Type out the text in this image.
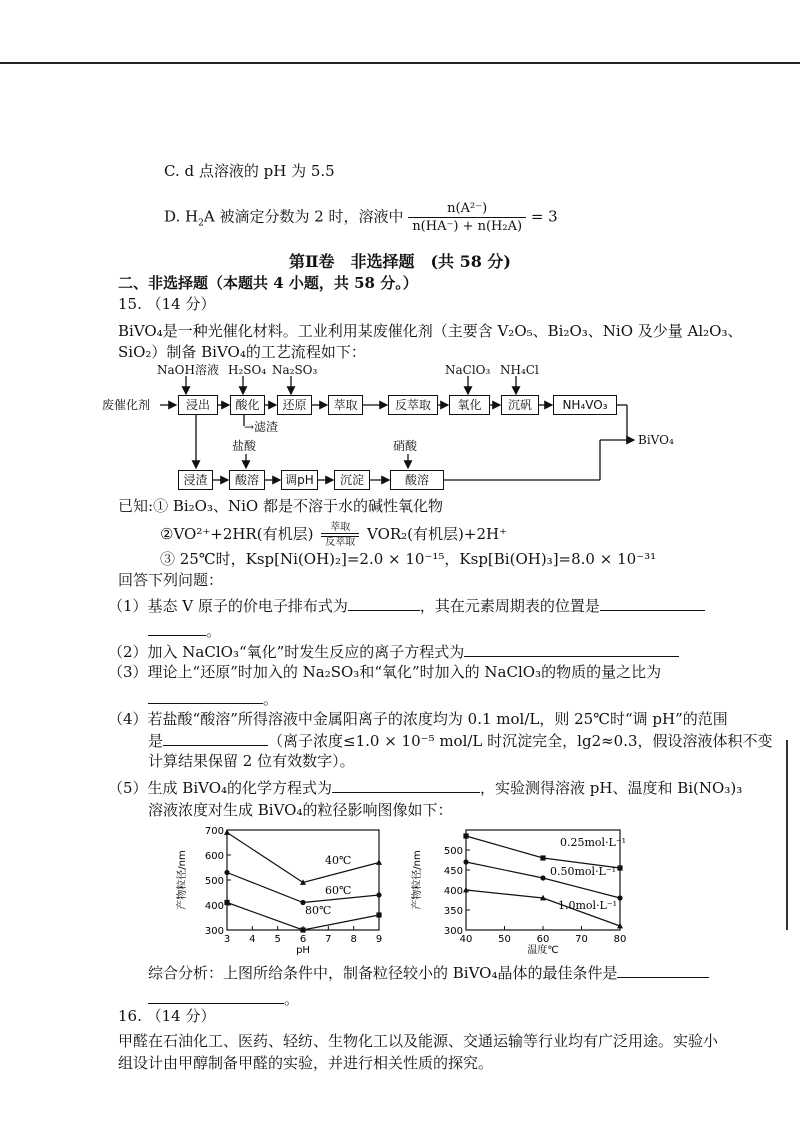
C. d 点溶液的 pH 为 5.5
D. $H_2A$ 被滴定分数为 2 时，溶液中 $\frac{\text{n(A²⁻)}}{\text{n(HA⁻) + n(H₂A)}} = 3$
第Ⅱ卷　非选择题　(共 58 分)
二、非选择题（本题共 4 小题，共 58 分。）
15. （14 分）
BiVO₄是一种光催化材料。工业利用某废催化剂（主要含 V₂O₅、Bi₂O₃、NiO 及少量 Al₂O₃、
SiO₂）制备 BiVO₄的工艺流程如下：
NaOH溶液 H₂SO₄ Na₂SO₃	NaClO₃ NH₄Cl
废催化剂	浸出	酸化	还原	萃取	反萃取	氧化	沉矾	NH₄VO₃
→滤渣
盐酸	硝酸	BiVO₄
浸渣	酸溶	调pH	沉淀	酸溶
已知:① Bi₂O₃、NiO 都是不溶于水的碱性氧化物
②VO²⁺+2HR(有机层)	萃取
反萃取 VOR₂(有机层)+2H⁺
③ 25℃时，Ksp[Ni(OH)₂]=2.0 × 10⁻¹⁵，Ksp[Bi(OH)₃]=8.0 × 10⁻³¹
回答下列问题：
（1）基态 V 原子的价电子排布式为	，其在元素周期表的位置是
。
（2）加入 NaClO₃“氧化”时发生反应的离子方程式为
（3）理论上“还原”时加入的 Na₂SO₃和“氧化”时加入的 NaClO₃的物质的量之比为
。
（4）若盐酸“酸溶”所得溶液中金属阳离子的浓度均为 0.1 mol/L，则 25℃时“调 pH”的范围
是	（离子浓度≤1.0 × 10⁻⁵ mol/L 时沉淀完全，lg2≈0.3，假设溶液体积不变
计算结果保留 2 位有效数字）。
（5）生成 BiVO₄的化学方程式为	，实验测得溶液 pH、温度和 Bi(NO₃)₃
溶液浓度对生成 BiVO₄的粒径影响图像如下：
3 4 5 6 7 8 9
300
400
500
600
700
pH
产物粒径/nm	40℃
60℃
80℃
40	50	60	70	80
300
350
400
450
500
温度℃
产物粒径/nm
0.25mol·L⁻¹
0.50mol·L⁻¹
1.0mol·L⁻¹
综合分析：上图所给条件中，制备粒径较小的 BiVO₄晶体的最佳条件是
。
16. （14 分）
甲醛在石油化工、医药、轻纺、生物化工以及能源、交通运输等行业均有广泛用途。实验小
组设计由甲醇制备甲醛的实验，并进行相关性质的探究。
